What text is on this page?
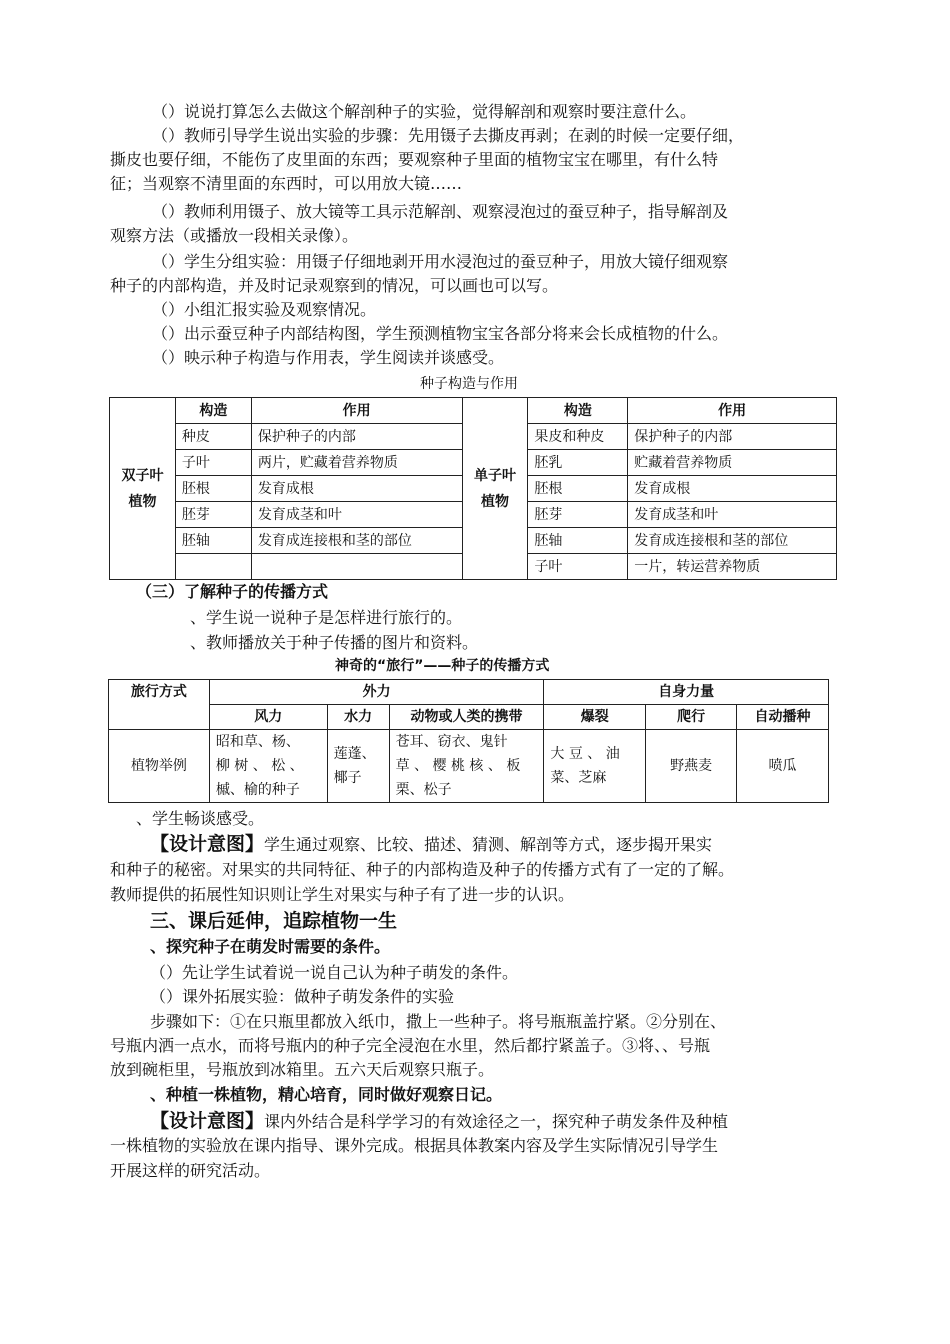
（）说说打算怎么去做这个解剖种子的实验，觉得解剖和观察时要注意什么。
（）教师引导学生说出实验的步骤：先用镊子去撕皮再剥；在剥的时候一定要仔细，
撕皮也要仔细，不能伤了皮里面的东西；要观察种子里面的植物宝宝在哪里，有什么特
征；当观察不清里面的东西时，可以用放大镜……
（）教师利用镊子、放大镜等工具示范解剖、观察浸泡过的蚕豆种子，指导解剖及
观察方法（或播放一段相关录像）。
（）学生分组实验：用镊子仔细地剥开用水浸泡过的蚕豆种子，用放大镜仔细观察
种子的内部构造，并及时记录观察到的情况，可以画也可以写。
（）小组汇报实验及观察情况。
（）出示蚕豆种子内部结构图，学生预测植物宝宝各部分将来会长成植物的什么。
（）映示种子构造与作用表，学生阅读并谈感受。
种子构造与作用
双子叶
植物	构造	作用	单子叶
植物	构造	作用
	种皮	保护种子的内部		果皮和种皮	保护种子的内部
	子叶	两片，贮藏着营养物质		胚乳	贮藏着营养物质
	胚根	发育成根		胚根	发育成根
	胚芽	发育成茎和叶		胚芽	发育成茎和叶
	胚轴	发育成连接根和茎的部位		胚轴	发育成连接根和茎的部位
				子叶	一片，转运营养物质
（三）了解种子的传播方式
、学生说一说种子是怎样进行旅行的。
、教师播放关于种子传播的图片和资料。
神奇的“旅行”——种子的传播方式
旅行方式	外力			自身力量		
	风力	水力	动物或人类的携带	爆裂	爬行	自动播种
植物举例	昭和草、杨、
柳 树 、 松 、
槭、榆的种子	莲蓬、
椰子	苍耳、窃衣、鬼针
草 、 樱 桃 核 、 板
栗、松子	大 豆 、 油
菜、芝麻	野燕麦	喷瓜
、学生畅谈感受。
【设计意图】学生通过观察、比较、描述、猜测、解剖等方式，逐步揭开果实
和种子的秘密。对果实的共同特征、种子的内部构造及种子的传播方式有了一定的了解。
教师提供的拓展性知识则让学生对果实与种子有了进一步的认识。
三、课后延伸，追踪植物一生
、探究种子在萌发时需要的条件。
（）先让学生试着说一说自己认为种子萌发的条件。
（）课外拓展实验：做种子萌发条件的实验
步骤如下：①在只瓶里都放入纸巾，撒上一些种子。将号瓶瓶盖拧紧。②分别在、
号瓶内洒一点水，而将号瓶内的种子完全浸泡在水里，然后都拧紧盖子。③将、、号瓶
放到碗柜里，号瓶放到冰箱里。五六天后观察只瓶子。
、种植一株植物，精心培育，同时做好观察日记。
【设计意图】课内外结合是科学学习的有效途径之一，探究种子萌发条件及种植
一株植物的实验放在课内指导、课外完成。根据具体教案内容及学生实际情况引导学生
开展这样的研究活动。
